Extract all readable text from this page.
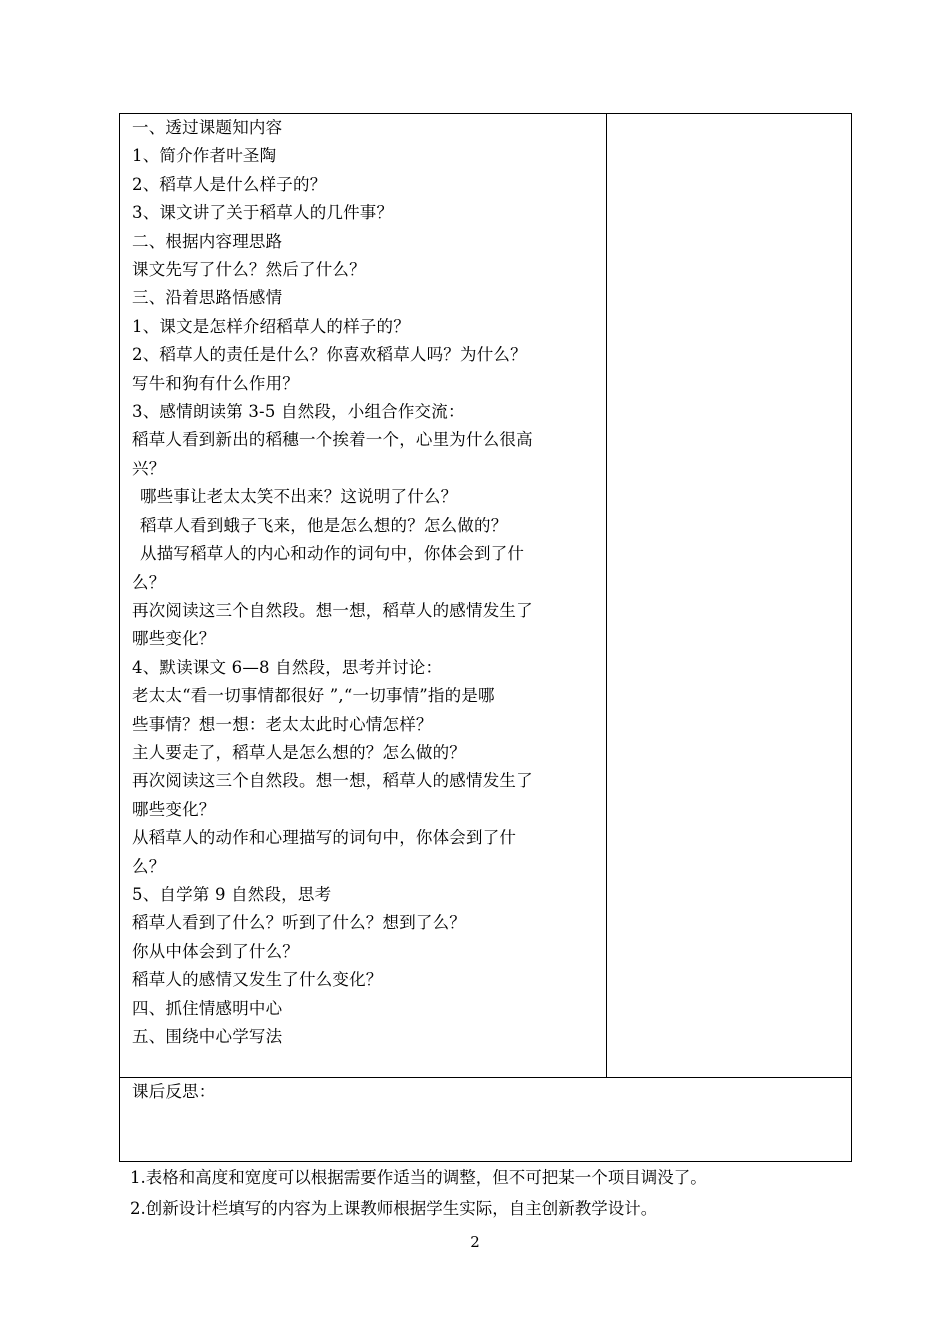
一、透过课题知内容
1、简介作者叶圣陶
2、稻草人是什么样子的？
3、课文讲了关于稻草人的几件事？
二、根据内容理思路
课文先写了什么？然后了什么？
三、沿着思路悟感情
1、课文是怎样介绍稻草人的样子的？
2、稻草人的责任是什么？你喜欢稻草人吗？为什么？
写牛和狗有什么作用？
3、感情朗读第 3-5 自然段，小组合作交流：
稻草人看到新出的稻穗一个挨着一个，心里为什么很高
兴？
哪些事让老太太笑不出来？这说明了什么？
稻草人看到蛾子飞来，他是怎么想的？怎么做的？
从描写稻草人的内心和动作的词句中，你体会到了什
么？
再次阅读这三个自然段。想一想，稻草人的感情发生了
哪些变化？
4、默读课文 6—8 自然段，思考并讨论：
老太太“看一切事情都很好 ”,“一切事情”指的是哪
些事情？想一想：老太太此时心情怎样？
主人要走了，稻草人是怎么想的？怎么做的？
再次阅读这三个自然段。想一想，稻草人的感情发生了
哪些变化？
从稻草人的动作和心理描写的词句中，你体会到了什
么？
5、自学第 9 自然段，思考
稻草人看到了什么？听到了什么？想到了么？
你从中体会到了什么？
稻草人的感情又发生了什么变化？
四、抓住情感明中心
五、围绕中心学写法

课后反思：
1.表格和高度和宽度可以根据需要作适当的调整，但不可把某一个项目调没了。
2.创新设计栏填写的内容为上课教师根据学生实际，自主创新教学设计。
2
